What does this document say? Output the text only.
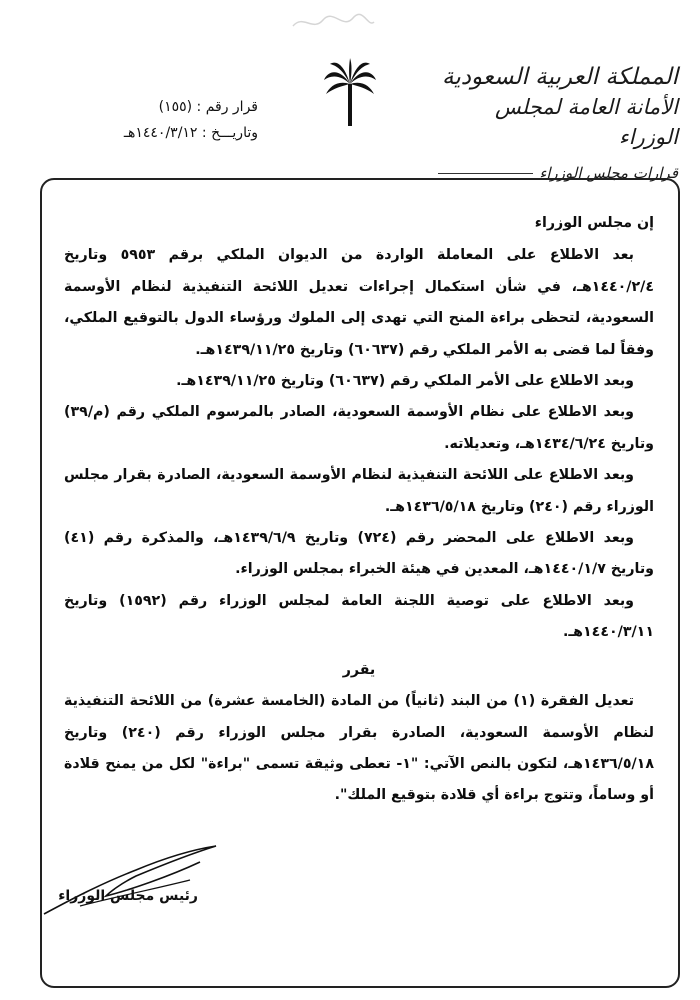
المملكة العربية السعودية
الأمانة العامة لمجلس الوزراء
قرارات مجلس الوزراء
قرار رقم : (١٥٥)
وتاريـــخ : ١٤٤٠/٣/١٢هـ

إن مجلس الوزراء

بعد الاطلاع على المعاملة الواردة من الديوان الملكي برقم ٥٩٥٣ وتاريخ ١٤٤٠/٢/٤هـ، في شأن استكمال إجراءات تعديل اللائحة التنفيذية لنظام الأوسمة السعودية، لتحظى براءة المنح التي تهدى إلى الملوك ورؤساء الدول بالتوقيع الملكي، وفقاً لما قضى به الأمر الملكي رقم (٦٠٦٣٧) وتاريخ ١٤٣٩/١١/٢٥هـ.

وبعد الاطلاع على الأمر الملكي رقم (٦٠٦٣٧) وتاريخ ١٤٣٩/١١/٢٥هـ.

وبعد الاطلاع على نظام الأوسمة السعودية، الصادر بالمرسوم الملكي رقم (م/٣٩) وتاريخ ١٤٣٤/٦/٢٤هـ، وتعديلاته.

وبعد الاطلاع على اللائحة التنفيذية لنظام الأوسمة السعودية، الصادرة بقرار مجلس الوزراء رقم (٢٤٠) وتاريخ ١٤٣٦/٥/١٨هـ.

وبعد الاطلاع على المحضر رقم (٧٢٤) وتاريخ ١٤٣٩/٦/٩هـ، والمذكرة رقم (٤١) وتاريخ ١٤٤٠/١/٧هـ، المعدين في هيئة الخبراء بمجلس الوزراء.

وبعد الاطلاع على توصية اللجنة العامة لمجلس الوزراء رقم (١٥٩٢) وتاريخ ١٤٤٠/٣/١١هـ.

يقرر

تعديل الفقرة (١) من البند (ثانياً) من المادة (الخامسة عشرة) من اللائحة التنفيذية لنظام الأوسمة السعودية، الصادرة بقرار مجلس الوزراء رقم (٢٤٠) وتاريخ ١٤٣٦/٥/١٨هـ، لتكون بالنص الآتي: "١- تعطى وثيقة تسمى "براءة" لكل من يمنح قلادة أو وساماً، وتتوج براءة أي قلادة بتوقيع الملك".

رئيس مجلس الوزراء
